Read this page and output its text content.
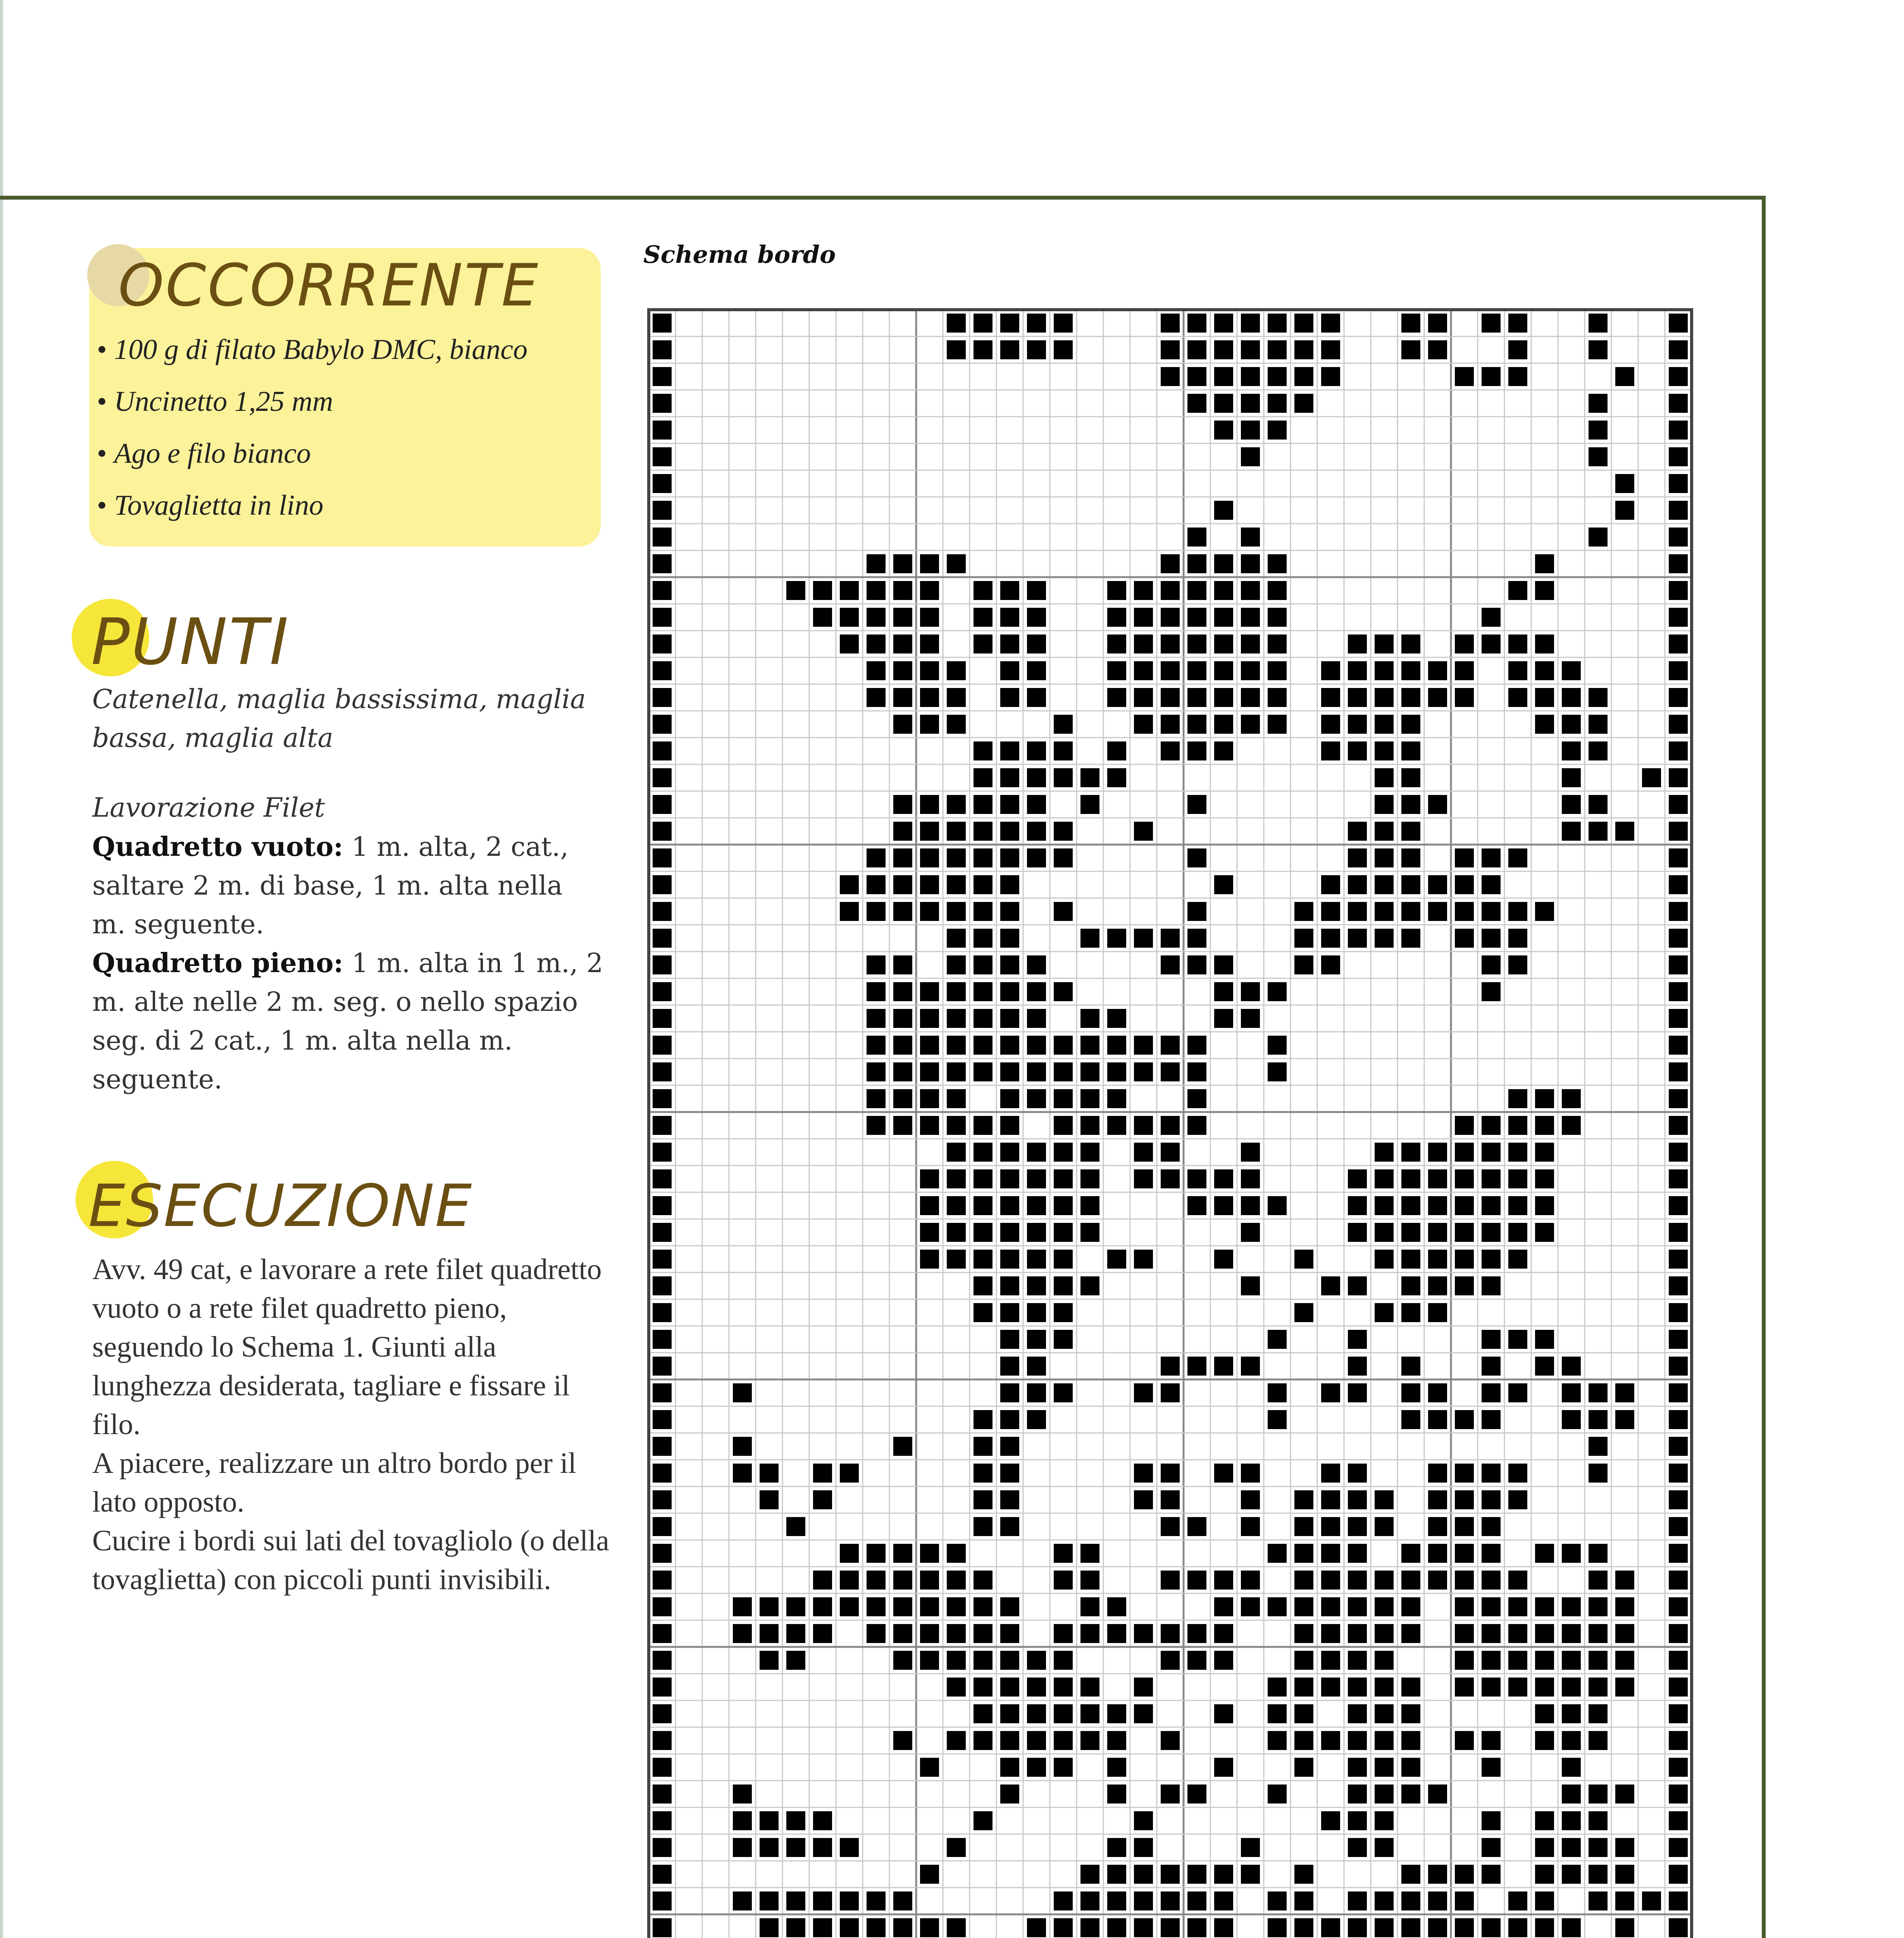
OCCORRENTE
• 100 g di filato Babylo DMC, bianco
• Uncinetto 1,25 mm
• Ago e filo bianco
• Tovaglietta in lino
PUNTI
Catenella, maglia bassissima, maglia bassa, maglia alta
Lavorazione Filet
Quadretto vuoto: 1 m. alta, 2 cat., saltare 2 m. di base, 1 m. alta nella m. seguente.
Quadretto pieno: 1 m. alta in 1 m., 2 m. alte nelle 2 m. seg. o nello spazio seg. di 2 cat., 1 m. alta nella m. seguente.
ESECUZIONE
Avv. 49 cat, e lavorare a rete filet quadretto vuoto o a rete filet quadretto pieno, seguendo lo Schema 1. Giunti alla lunghezza desiderata, tagliare e fissare il filo.
A piacere, realizzare un altro bordo per il lato opposto.
Cucire i bordi sui lati del tovagliolo (o della tovaglietta) con piccoli punti invisibili.
Schema bordo
